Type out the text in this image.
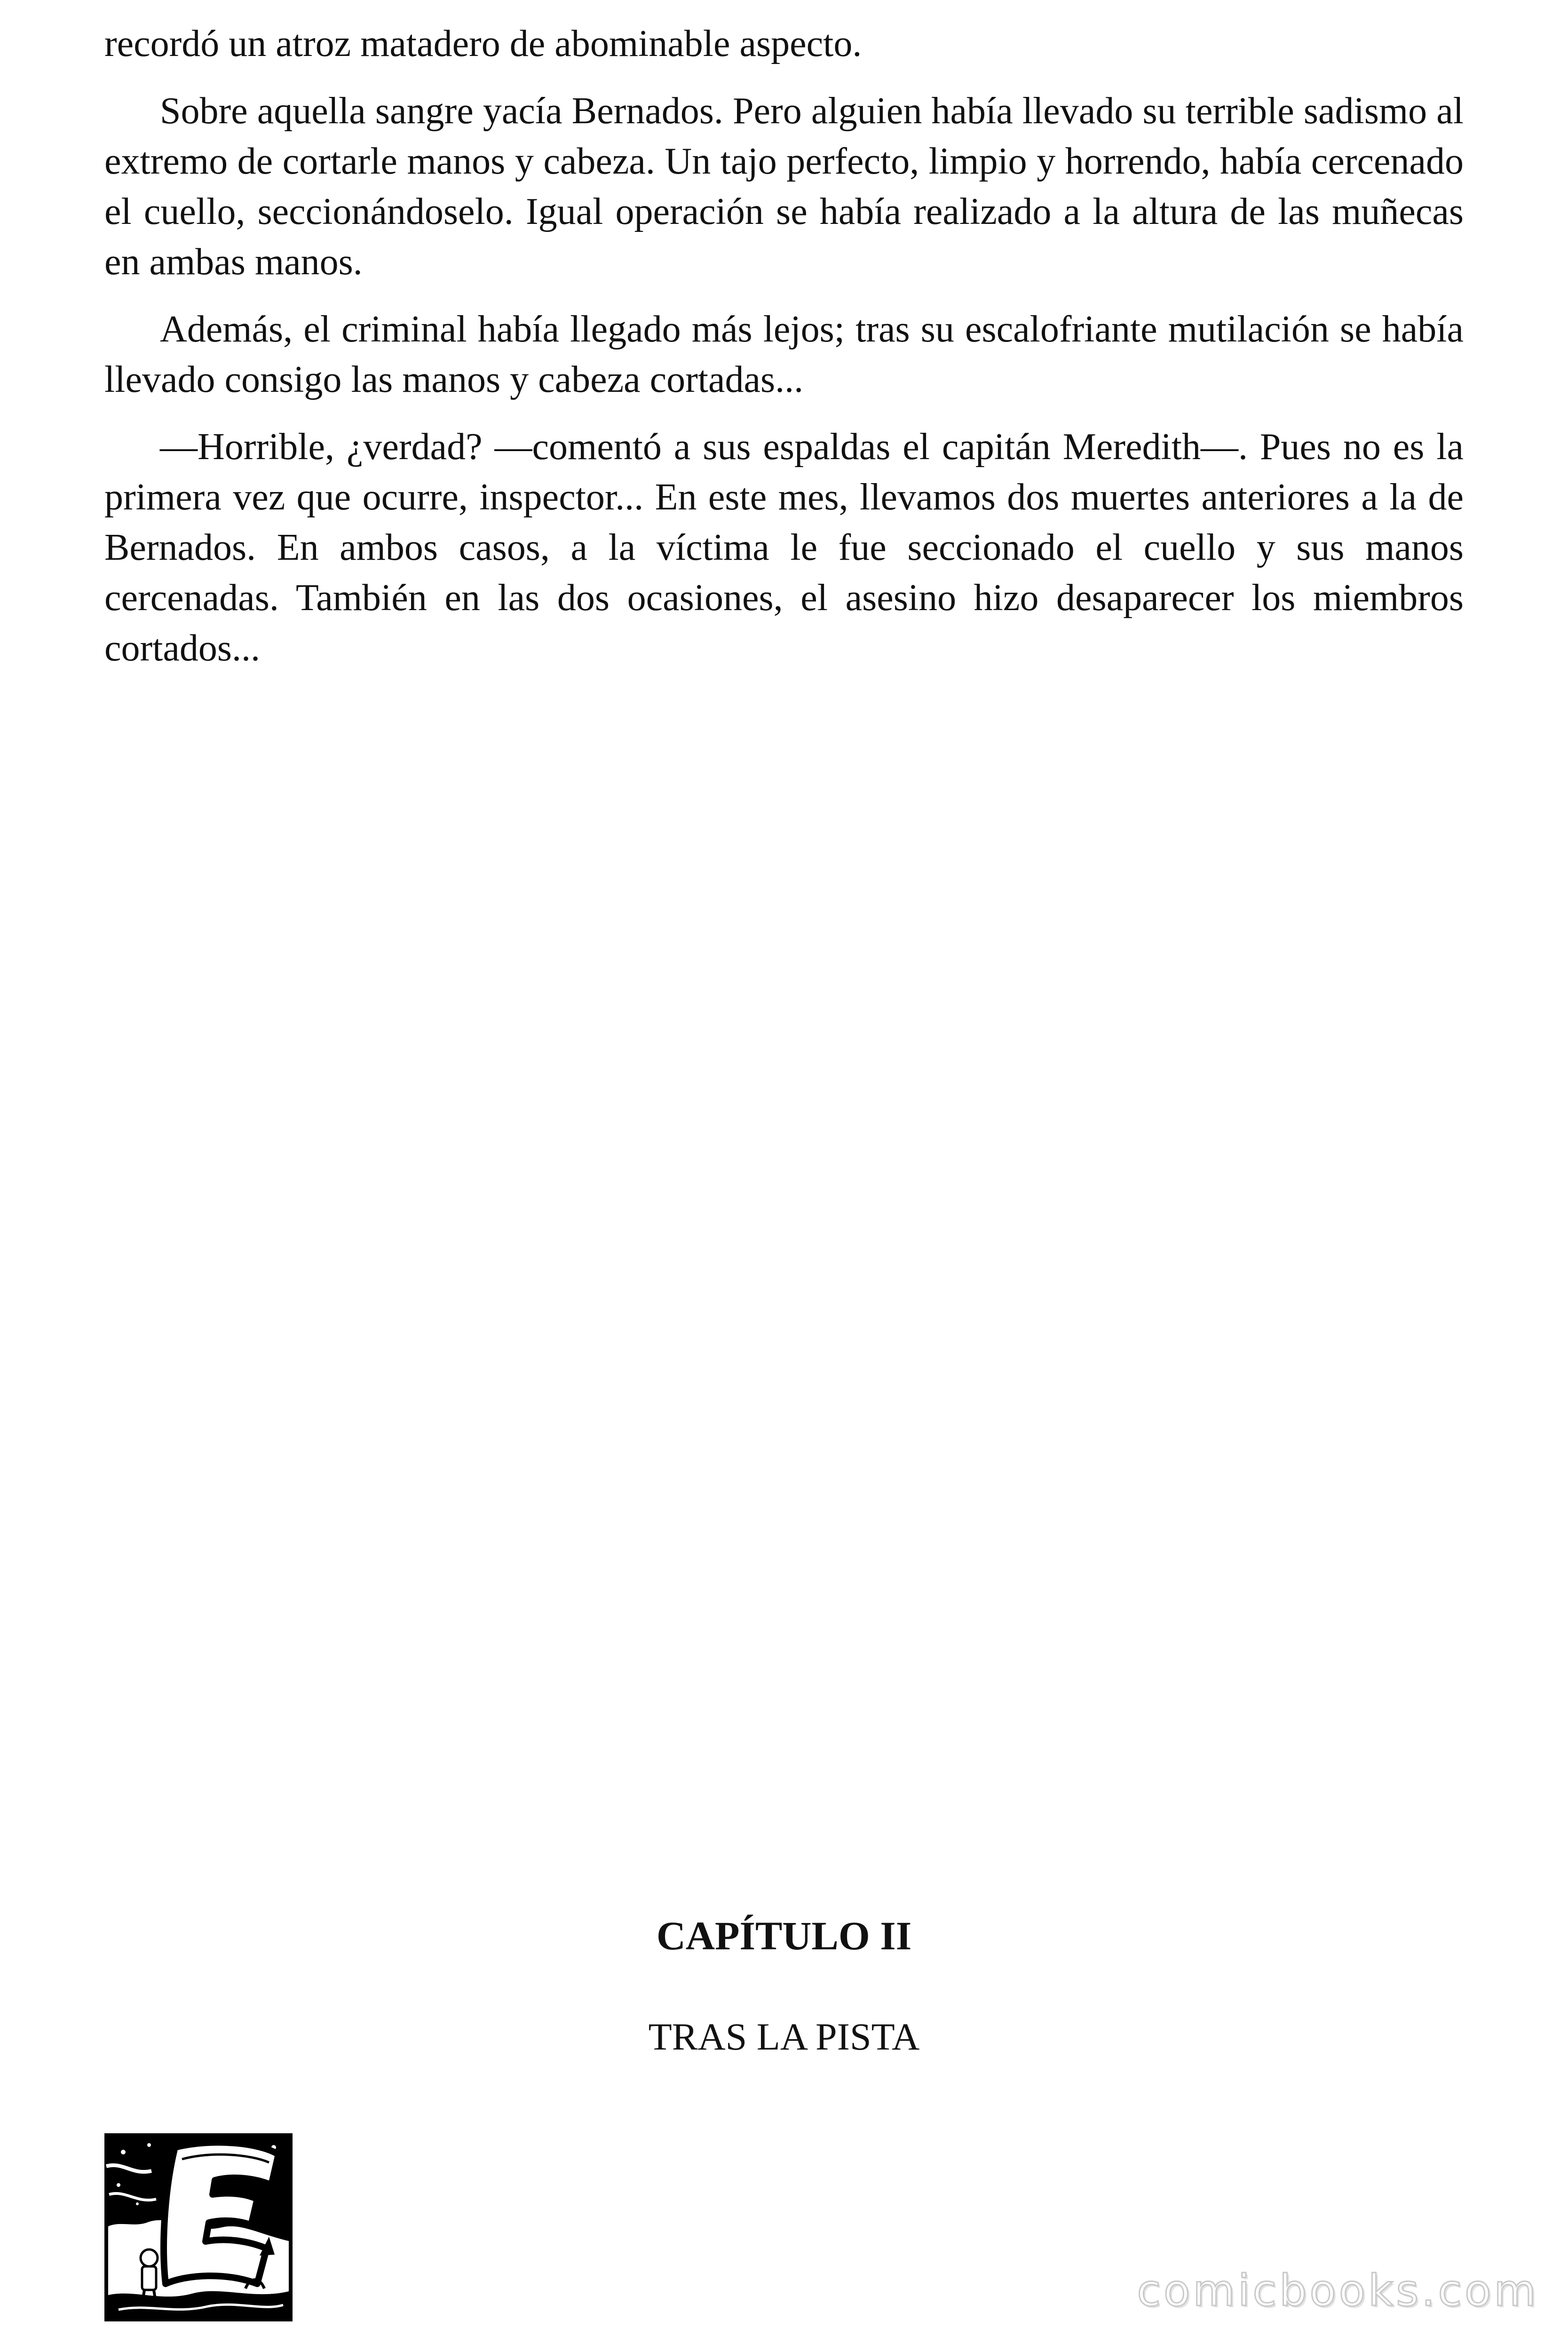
recordó un atroz matadero de abominable aspecto.

Sobre aquella sangre yacía Bernados. Pero alguien había llevado su terrible sadismo al extremo de cortarle manos y cabeza. Un tajo perfecto, limpio y horrendo, había cercenado el cuello, seccionándoselo. Igual operación se había realizado a la altura de las muñecas en ambas manos.

Además, el criminal había llegado más lejos; tras su escalofriante mutilación se había llevado consigo las manos y cabeza cortadas...

—Horrible, ¿verdad? —comentó a sus espaldas el capitán Meredith—. Pues no es la primera vez que ocurre, inspector... En este mes, llevamos dos muertes anteriores a la de Bernados. En ambos casos, a la víctima le fue seccionado el cuello y sus manos cercenadas. También en las dos ocasiones, el asesino hizo desaparecer los miembros cortados...

CAPÍTULO II
TRAS LA PISTA
comicbooks.com
